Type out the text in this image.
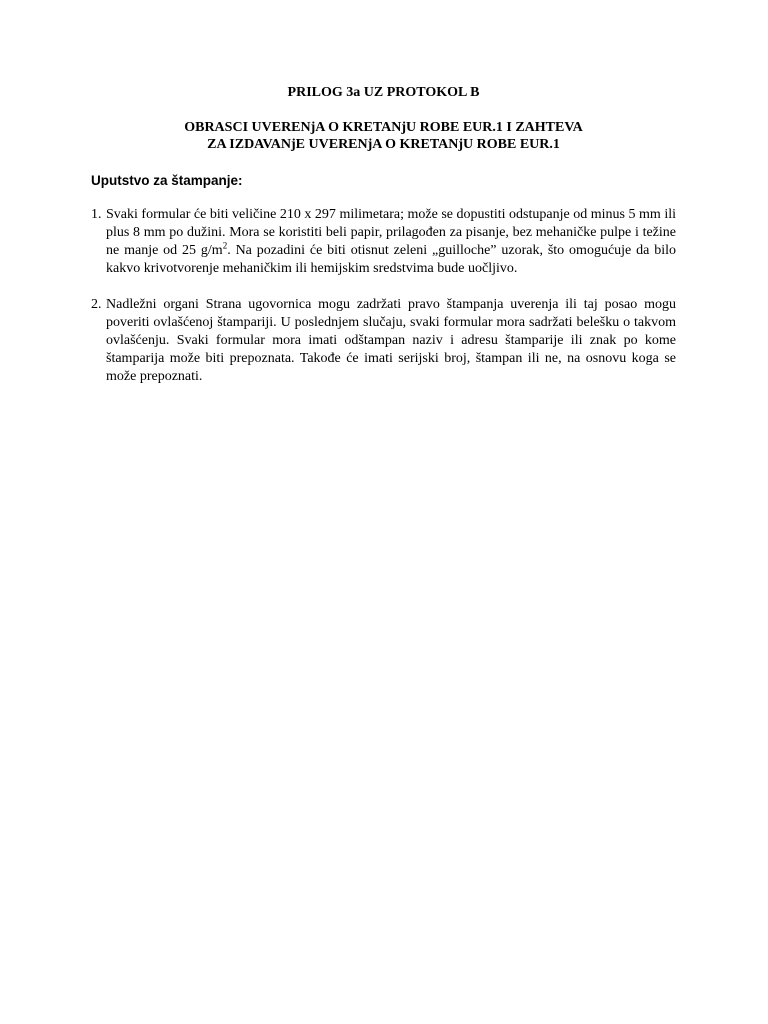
PRILOG 3a UZ PROTOKOL B
OBRASCI UVERENjA O KRETANjU ROBE EUR.1 I ZAHTEVA
ZA IZDAVANjE UVERENjA O KRETANjU ROBE EUR.1

Uputstvo za štampanje:

1. Svaki formular će biti veličine 210 x 297 milimetara; može se dopustiti odstupanje od minus 5 mm ili plus 8 mm po dužini. Mora se koristiti beli papir, prilagođen za pisanje, bez mehaničke pulpe i težine ne manje od 25 $g/m^2$. Na pozadini će biti otisnut zeleni „guilloche” uzorak, što omogućuje da bilo kakvo krivotvorenje mehaničkim ili hemijskim sredstvima bude uočljivo.
2. Nadležni organi Strana ugovornica mogu zadržati pravo štampanja uverenja ili taj posao mogu poveriti ovlašćenoj štampariji. U poslednjem slučaju, svaki formular mora sadržati belešku o takvom ovlašćenju. Svaki formular mora imati odštampan naziv i adresu štamparije ili znak po kome štamparija može biti prepoznata. Takođe će imati serijski broj, štampan ili ne, na osnovu koga se može prepoznati.
